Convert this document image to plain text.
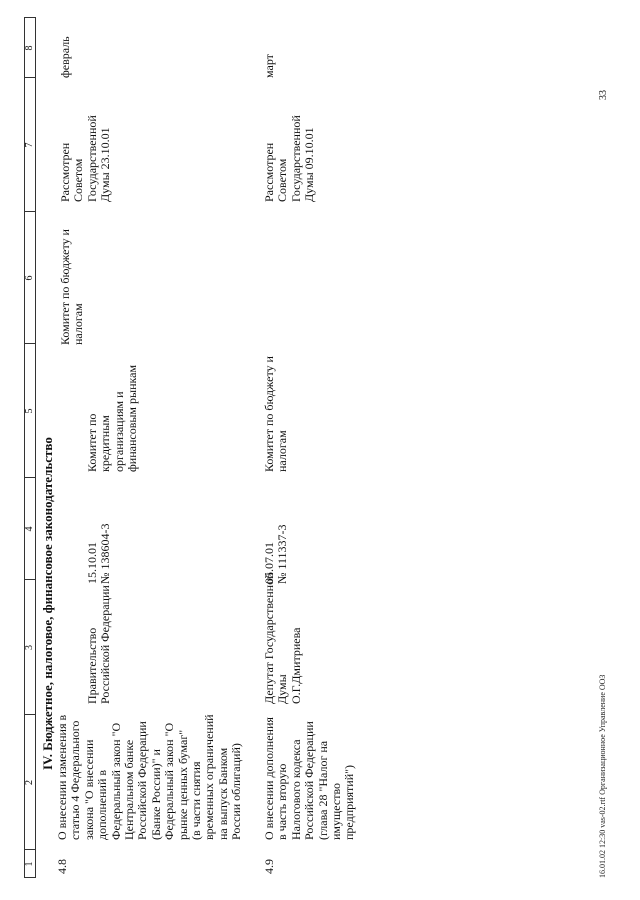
1
2
3
4
5
6
7
8
IV. Бюджетное, налоговое, финансовое законодательство
4.8
О внесении изменения в
статью 4 Федерального
закона "О внесении
дополнений в
Федеральный закон "О
Центральном банке
Российской Федерации
(Банке России)" и
Федеральный закон "О
рынке ценных бумаг"
(в части снятия
временных ограничений
на выпуск Банком
России облигаций)
Правительство
Российской Федерации
15.10.01
№ 138604-3
Комитет по
кредитным
организациям и
финансовым рынкам
Комитет по бюджету и
налогам
Рассмотрен
Советом
Государственной
Думы 23.10.01
февраль
4.9
О внесении дополнения
в часть вторую
Налогового кодекса
Российской Федерации
(глава 28 "Налог на
имущество
предприятий")
Депутат Государственной
Думы
О.Г.Дмитриева
05.07.01
№ 111337-3
Комитет по бюджету и
налогам
Рассмотрен
Советом
Государственной
Думы 09.10.01
март
16.01.02 12:30 vas-02.rtf Организационное Управление ООЗ
33
